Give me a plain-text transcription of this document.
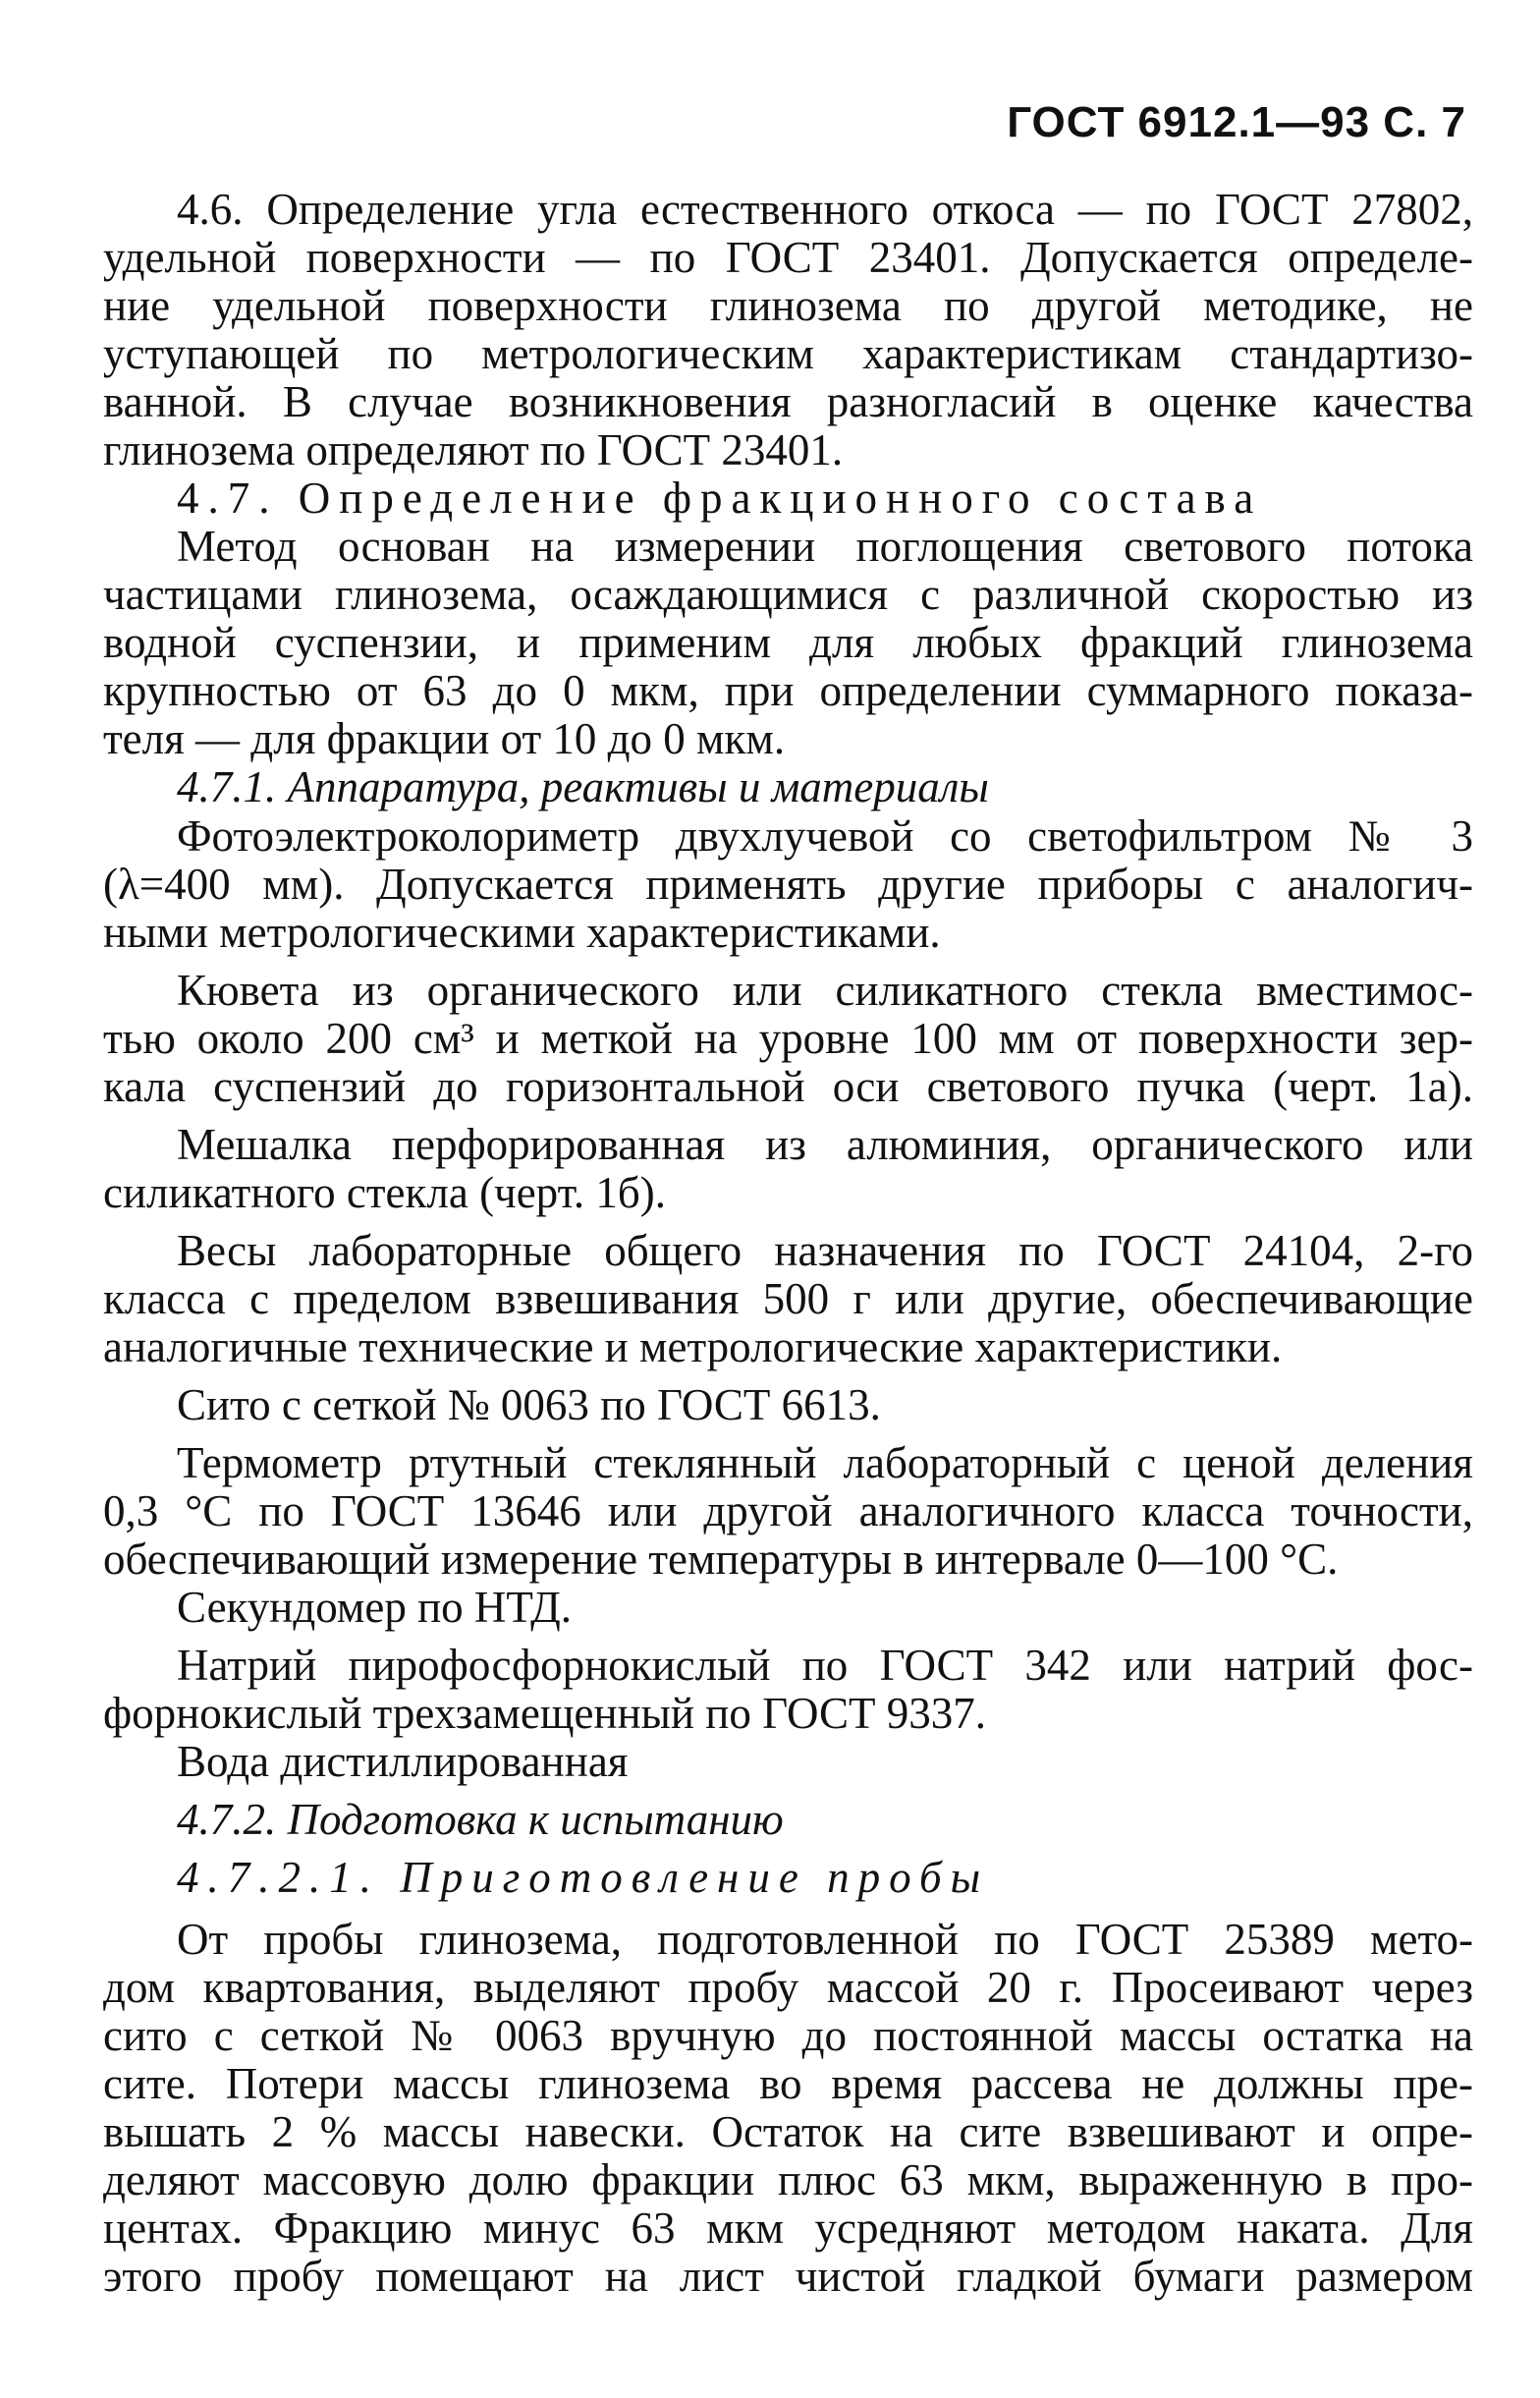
ГОСТ 6912.1—93 С. 7
4.6. Определение угла естественного откоса — по ГОСТ 27802,
удельной поверхности — по ГОСТ 23401. Допускается определе-
ние удельной поверхности глинозема по другой методике, не
уступающей по метрологическим характеристикам стандартизо-
ванной. В случае возникновения разногласий в оценке качества
глинозема определяют по ГОСТ 23401.
4.7. Определение фракционного состава
Метод основан на измерении поглощения светового потока
частицами глинозема, осаждающимися с различной скоростью из
водной суспензии, и применим для любых фракций глинозема
крупностью от 63 до 0 мкм, при определении суммарного показа-
теля — для фракции от 10 до 0 мкм.
4.7.1. Аппаратура, реактивы и материалы
Фотоэлектроколориметр двухлучевой со светофильтром № 3
(λ=400 мм). Допускается применять другие приборы с аналогич-
ными метрологическими характеристиками.
Кювета из органического или силикатного стекла вместимос-
тью около 200 см³ и меткой на уровне 100 мм от поверхности зер-
кала суспензий до горизонтальной оси светового пучка (черт. 1а).
Мешалка перфорированная из алюминия, органического или
силикатного стекла (черт. 1б).
Весы лабораторные общего назначения по ГОСТ 24104, 2-го
класса с пределом взвешивания 500 г или другие, обеспечивающие
аналогичные технические и метрологические характеристики.
Сито с сеткой № 0063 по ГОСТ 6613.
Термометр ртутный стеклянный лабораторный с ценой деления
0,3 °С по ГОСТ 13646 или другой аналогичного класса точности,
обеспечивающий измерение температуры в интервале 0—100 °С.
Секундомер по НТД.
Натрий пирофосфорнокислый по ГОСТ 342 или натрий фос-
форнокислый трехзамещенный по ГОСТ 9337.
Вода дистиллированная
4.7.2. Подготовка к испытанию
4.7.2.1. Приготовление пробы
От пробы глинозема, подготовленной по ГОСТ 25389 мето-
дом квартования, выделяют пробу массой 20 г. Просеивают через
сито с сеткой № 0063 вручную до постоянной массы остатка на
сите. Потери массы глинозема во время рассева не должны пре-
вышать 2 % массы навески. Остаток на сите взвешивают и опре-
деляют массовую долю фракции плюс 63 мкм, выраженную в про-
центах. Фракцию минус 63 мкм усредняют методом наката. Для
этого пробу помещают на лист чистой гладкой бумаги размером
